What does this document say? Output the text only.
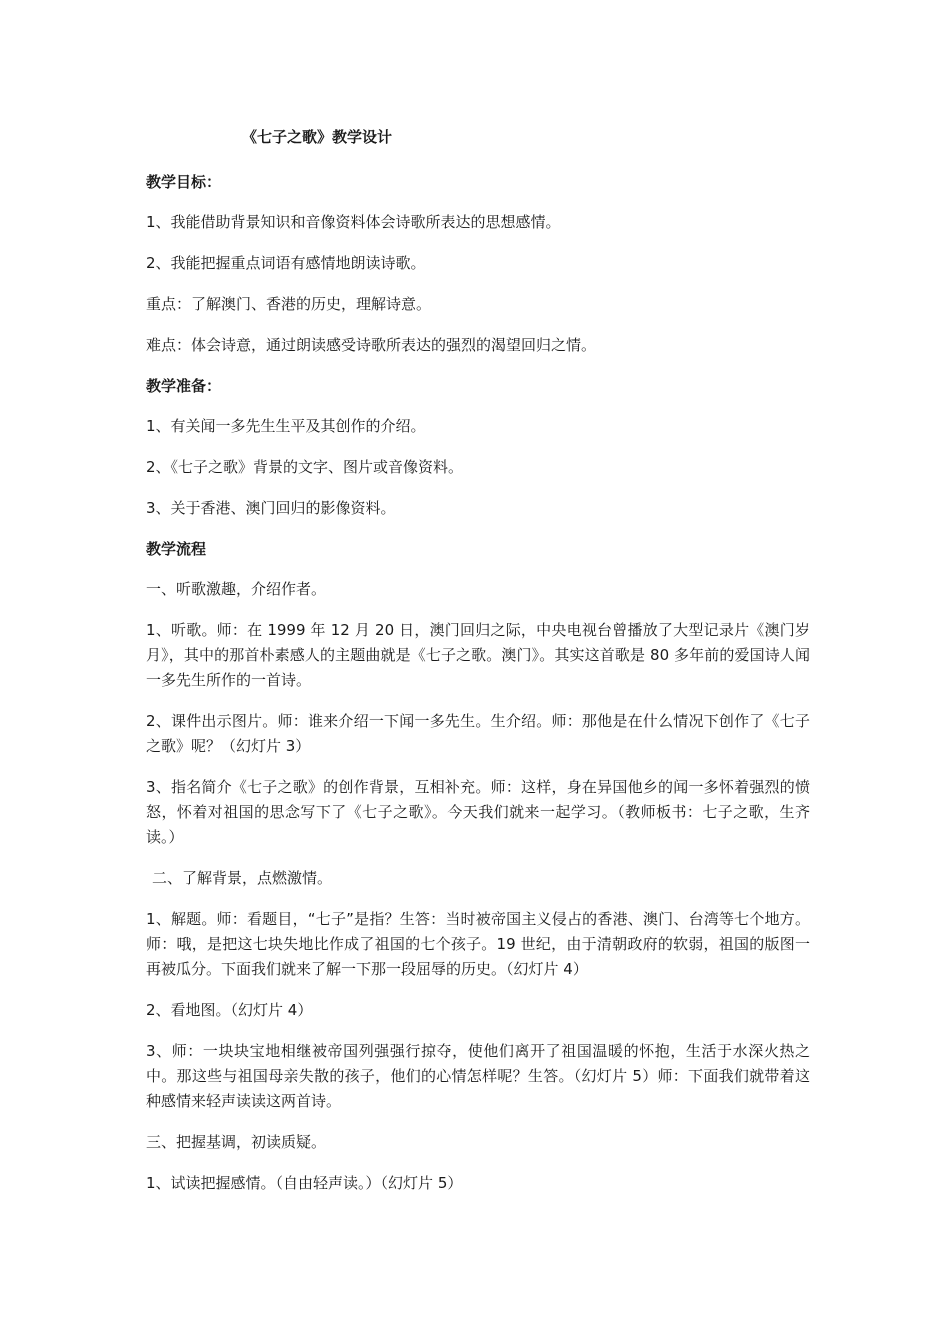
《七子之歌》教学设计
教学目标：
1、我能借助背景知识和音像资料体会诗歌所表达的思想感情。
2、我能把握重点词语有感情地朗读诗歌。
重点：了解澳门、香港的历史，理解诗意。
难点：体会诗意，通过朗读感受诗歌所表达的强烈的渴望回归之情。
教学准备：
1、有关闻一多先生生平及其创作的介绍。
2、《七子之歌》背景的文字、图片或音像资料。
3、关于香港、澳门回归的影像资料。
教学流程
一、听歌激趣，介绍作者。
1、听歌。师：在 1999 年 12 月 20 日，澳门回归之际，中央电视台曾播放了大型记录片《澳门岁月》，其中的那首朴素感人的主题曲就是《七子之歌。澳门》。其实这首歌是 80 多年前的爱国诗人闻一多先生所作的一首诗。
2、课件出示图片。师：谁来介绍一下闻一多先生。生介绍。师：那他是在什么情况下创作了《七子之歌》呢？（幻灯片 3）
3、指名简介《七子之歌》的创作背景，互相补充。师：这样，身在异国他乡的闻一多怀着强烈的愤怒，怀着对祖国的思念写下了《七子之歌》。今天我们就来一起学习。（教师板书：七子之歌，生齐读。）
二、了解背景，点燃激情。
1、解题。师：看题目，“七子”是指？生答：当时被帝国主义侵占的香港、澳门、台湾等七个地方。师：哦，是把这七块失地比作成了祖国的七个孩子。19 世纪，由于清朝政府的软弱，祖国的版图一再被瓜分。下面我们就来了解一下那一段屈辱的历史。（幻灯片 4）
2、看地图。（幻灯片 4）
3、师：一块块宝地相继被帝国列强强行掠夺，使他们离开了祖国温暖的怀抱，生活于水深火热之中。那这些与祖国母亲失散的孩子，他们的心情怎样呢？生答。（幻灯片 5）师：下面我们就带着这种感情来轻声读读这两首诗。
三、把握基调，初读质疑。
1、试读把握感情。（自由轻声读。）（幻灯片 5）
